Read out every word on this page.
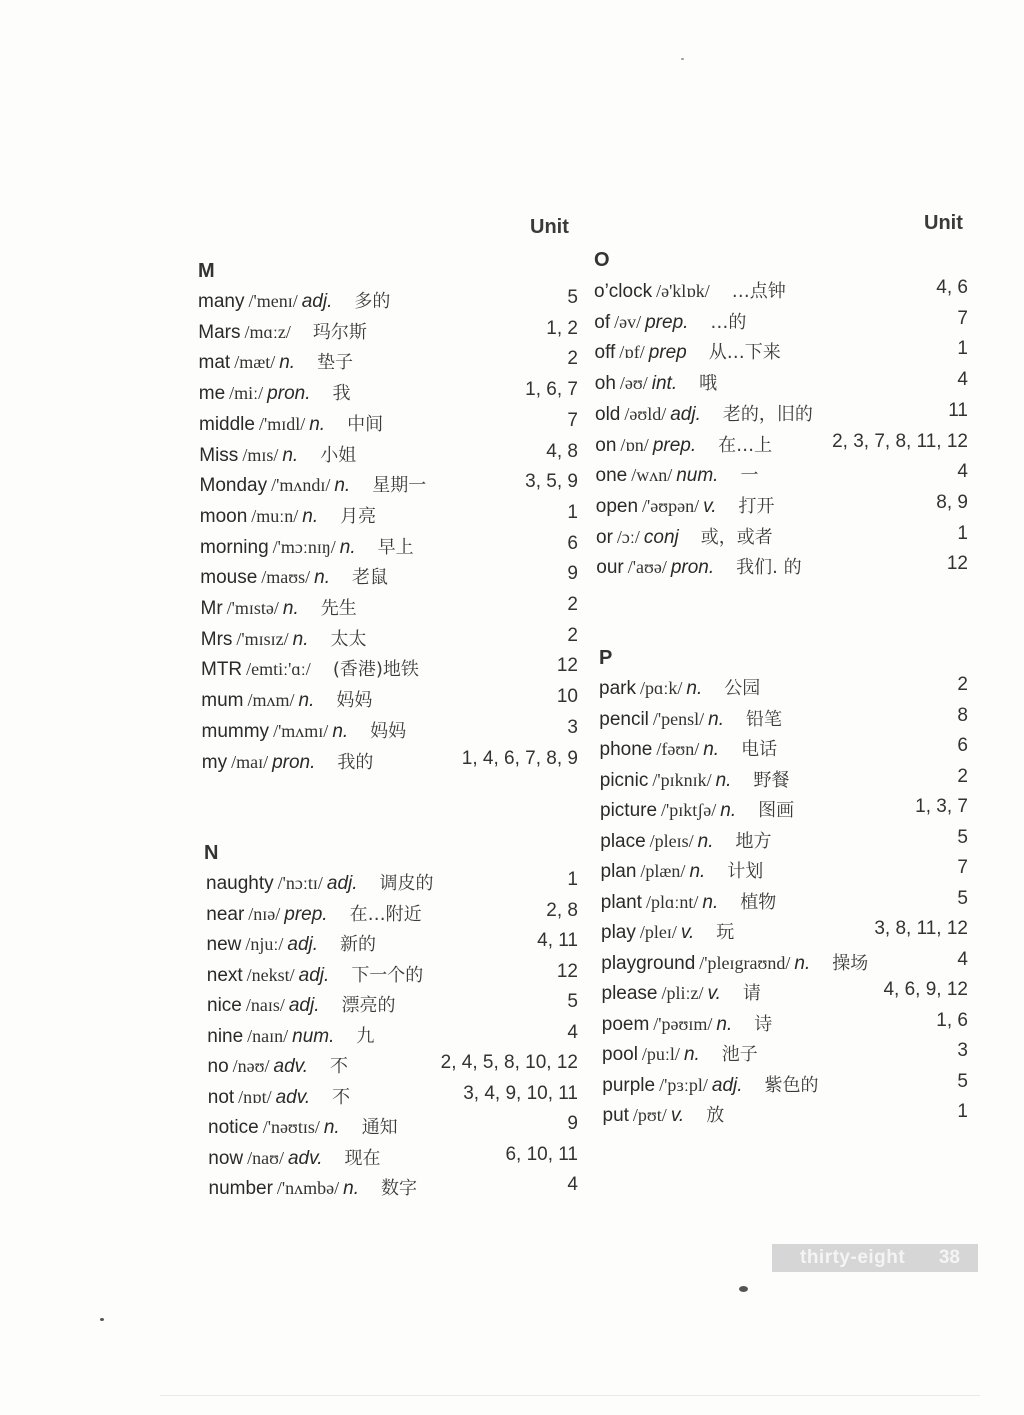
Unit
M
many /'menɪ/ adj. 多的	5
Mars /mɑːz/ 玛尔斯	1, 2
mat /mæt/ n. 垫子	2
me /miː/ pron. 我	1, 6, 7
middle /'mɪdl/ n. 中间	7
Miss /mɪs/ n. 小姐	4, 8
Monday /'mʌndɪ/ n. 星期一	3, 5, 9
moon /muːn/ n. 月亮	1
morning /'mɔːnɪŋ/ n. 早上	6
mouse /maʊs/ n. 老鼠	9
Mr /'mɪstə/ n. 先生	2
Mrs /'mɪsɪz/ n. 太太	2
MTR /emtiː'ɑː/ (香港)地铁	12
mum /mʌm/ n. 妈妈	10
mummy /'mʌmɪ/ n. 妈妈	3
my /maɪ/ pron. 我的	1, 4, 6, 7, 8, 9
N
naughty /'nɔːtɪ/ adj. 调皮的	1
near /nɪə/ prep. 在…附近	2, 8
new /njuː/ adj. 新的	4, 11
next /nekst/ adj. 下一个的	12
nice /naɪs/ adj. 漂亮的	5
nine /naɪn/ num. 九	4
no /nəʊ/ adv. 不	2, 4, 5, 8, 10, 12
not /nɒt/ adv. 不	3, 4, 9, 10, 11
notice /'nəʊtɪs/ n. 通知	9
now /naʊ/ adv. 现在	6, 10, 11
number /'nʌmbə/ n. 数字	4
Unit
O
o’clock /ə'klɒk/ …点钟	4, 6
of /əv/ prep. …的	7
off /ɒf/ prep 从…下来	1
oh /əʊ/ int. 哦	4
old /əʊld/ adj. 老的，旧的	11
on /ɒn/ prep. 在…上	2, 3, 7, 8, 11, 12
one /wʌn/ num. 一	4
open /'əʊpən/ v. 打开	8, 9
or /ɔː/ conj 或，或者	1
our /'aʊə/ pron. 我们. 的	12
P
park /pɑːk/ n. 公园	2
pencil /'pensl/ n. 铅笔	8
phone /fəʊn/ n. 电话	6
picnic /'pɪknɪk/ n. 野餐	2
picture /'pɪktʃə/ n. 图画	1, 3, 7
place /pleɪs/ n. 地方	5
plan /plæn/ n. 计划	7
plant /plɑːnt/ n. 植物	5
play /pleɪ/ v. 玩	3, 8, 11, 12
playground /'pleɪgraʊnd/ n. 操场	4
please /pliːz/ v. 请	4, 6, 9, 12
poem /'pəʊɪm/ n. 诗	1, 6
pool /puːl/ n. 池子	3
purple /'pɜːpl/ adj. 紫色的	5
put /pʊt/ v. 放	1
thirty-eight 38
